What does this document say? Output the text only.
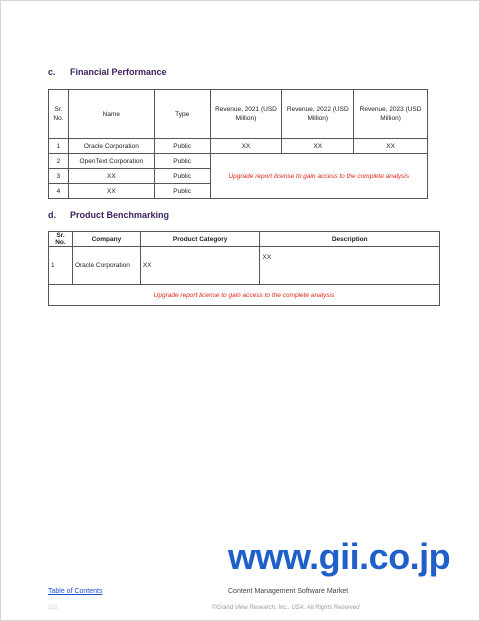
c.	Financial Performance
Sr. No.	Name	Type	Revenue, 2021 (USD Million)	Revenue, 2022 (USD Million)	Revenue, 2023 (USD Million)
1	Oracle Corporation	Public	XX	XX	XX
2	OpenText Corporation	Public	Upgrade report license to gain access to the complete analysis		
3	XX	Public			
4	XX	Public			
d.	Product Benchmarking
Sr. No.	Company	Product Category	Description
1	Oracle Corporation	XX	XX
Upgrade report license to gain access to the complete analysis			
www.gii.co.jp
Table of Contents	Content Management Software Market
102	©Grand View Research, Inc., USA. All Rights Reserved
